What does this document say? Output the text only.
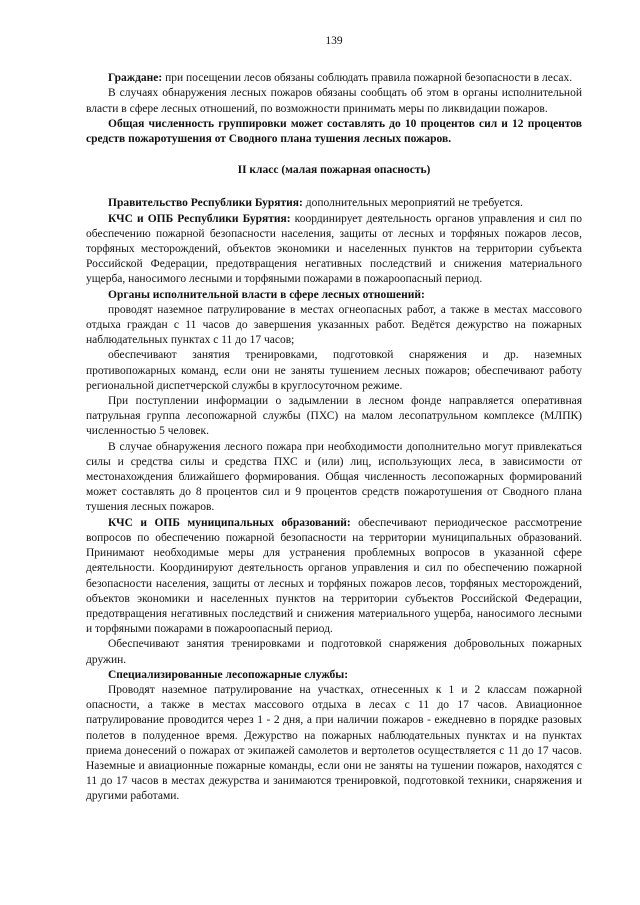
139

Граждане: при посещении лесов обязаны соблюдать правила пожарной безопасности в лесах.

В случаях обнаружения лесных пожаров обязаны сообщать об этом в органы исполнительной власти в сфере лесных отношений, по возможности принимать меры по ликвидации пожаров.

Общая численность группировки может составлять до 10 процентов сил и 12 процентов средств пожаротушения от Сводного плана тушения лесных пожаров.

II класс (малая пожарная опасность)

Правительство Республики Бурятия: дополнительных мероприятий не требуется.

КЧС и ОПБ Республики Бурятия: координирует деятельность органов управления и сил по обеспечению пожарной безопасности населения, защиты от лесных и торфяных пожаров лесов, торфяных месторождений, объектов экономики и населенных пунктов на территории субъекта Российской Федерации, предотвращения негативных последствий и снижения материального ущерба, наносимого лесными и торфяными пожарами в пожароопасный период.

Органы исполнительной власти в сфере лесных отношений:

проводят наземное патрулирование в местах огнеопасных работ, а также в местах массового отдыха граждан с 11 часов до завершения указанных работ. Ведётся дежурство на пожарных наблюдательных пунктах с 11 до 17 часов;

обеспечивают занятия тренировками, подготовкой снаряжения и др. наземных противопожарных команд, если они не заняты тушением лесных пожаров; обеспечивают работу региональной диспетчерской службы в круглосуточном режиме.

При поступлении информации о задымлении в лесном фонде направляется оперативная патрульная группа лесопожарной службы (ПХС) на малом лесопатрульном комплексе (МЛПК) численностью 5 человек.

В случае обнаружения лесного пожара при необходимости дополнительно могут привлекаться силы и средства силы и средства ПХС и (или) лиц, использующих леса, в зависимости от местонахождения ближайшего формирования. Общая численность лесопожарных формирований может составлять до 8 процентов сил и 9 процентов средств пожаротушения от Сводного плана тушения лесных пожаров.

КЧС и ОПБ муниципальных образований: обеспечивают периодическое рассмотрение вопросов по обеспечению пожарной безопасности на территории муниципальных образований. Принимают необходимые меры для устранения проблемных вопросов в указанной сфере деятельности. Координируют деятельность органов управления и сил по обеспечению пожарной безопасности населения, защиты от лесных и торфяных пожаров лесов, торфяных месторождений, объектов экономики и населенных пунктов на территории субъектов Российской Федерации, предотвращения негативных последствий и снижения материального ущерба, наносимого лесными и торфяными пожарами в пожароопасный период.

Обеспечивают занятия тренировками и подготовкой снаряжения добровольных пожарных дружин.

Специализированные лесопожарные службы:

Проводят наземное патрулирование на участках, отнесенных к 1 и 2 классам пожарной опасности, а также в местах массового отдыха в лесах с 11 до 17 часов. Авиационное патрулирование проводится через 1 - 2 дня, а при наличии пожаров - ежедневно в порядке разовых полетов в полуденное время. Дежурство на пожарных наблюдательных пунктах и на пунктах приема донесений о пожарах от экипажей самолетов и вертолетов осуществляется с 11 до 17 часов. Наземные и авиационные пожарные команды, если они не заняты на тушении пожаров, находятся с 11 до 17 часов в местах дежурства и занимаются тренировкой, подготовкой техники, снаряжения и другими работами.
